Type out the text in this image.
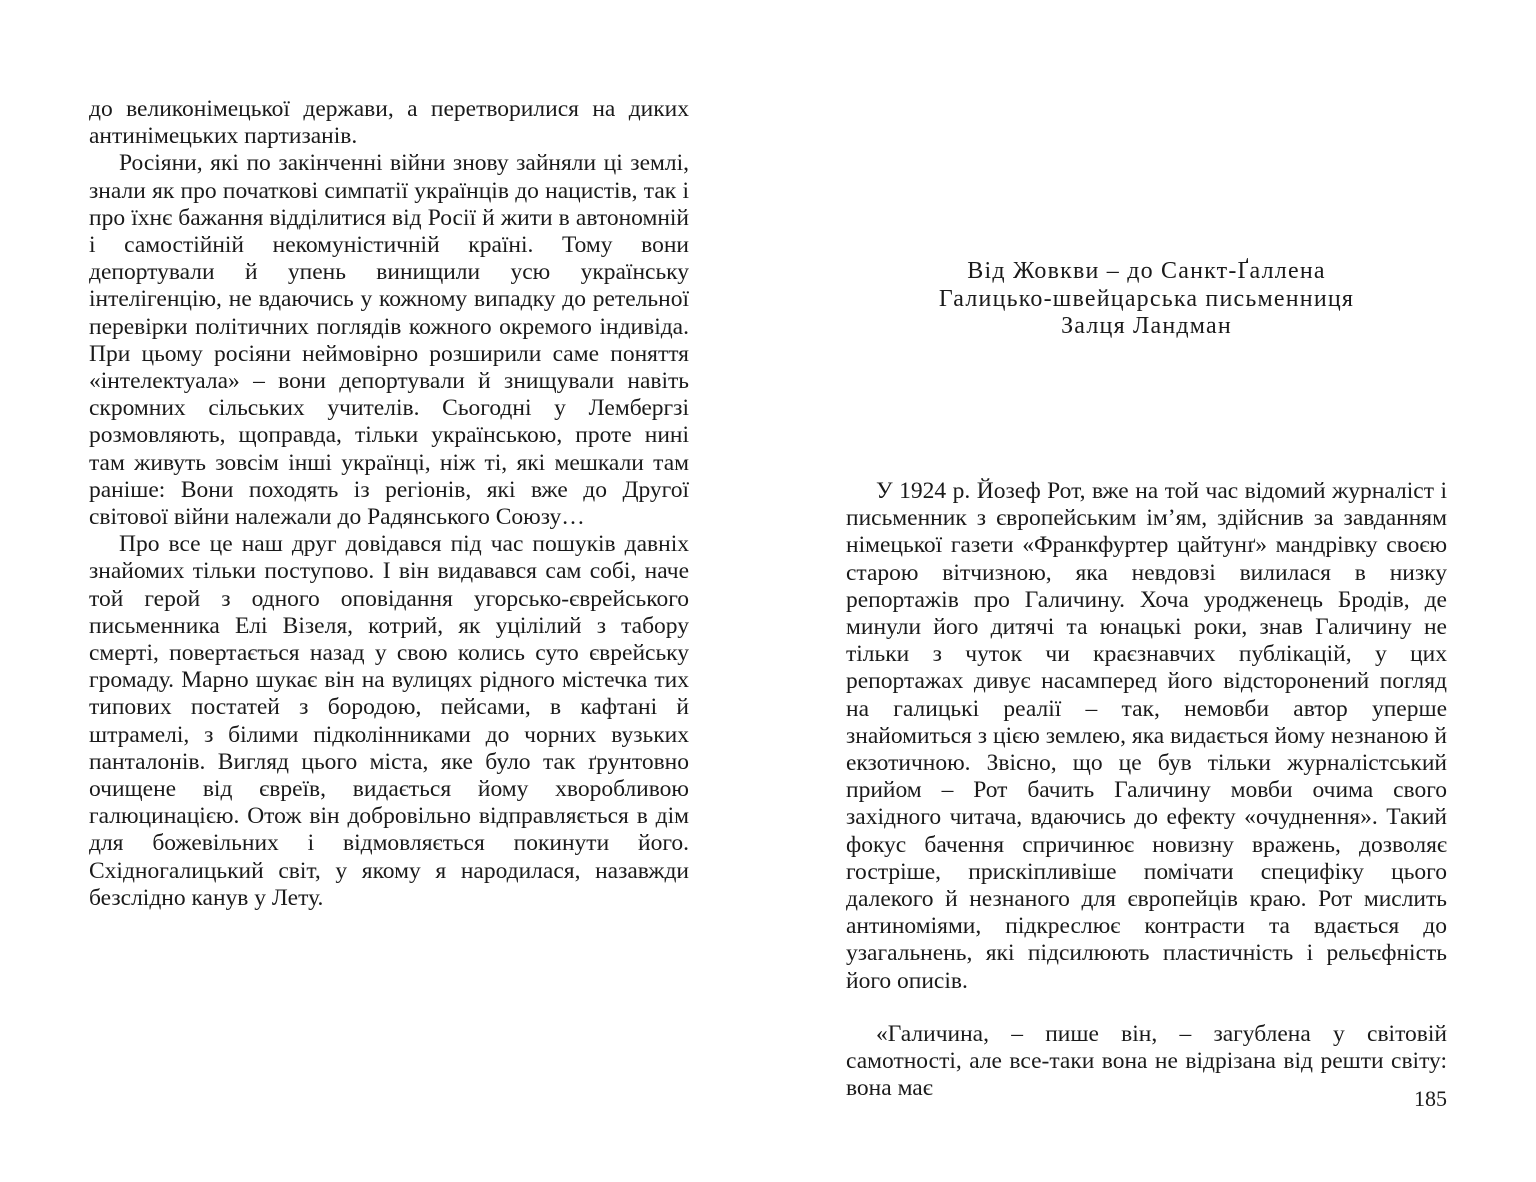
до великонімецької держави, а перетворилися на диких антинімецьких партизанів.

Росіяни, які по закінченні війни знову зайняли ці землі, знали як про початкові симпатії українців до нацистів, так і про їхнє бажання відділитися від Росії й жити в автономній і самостійній некомуністичній країні. Тому вони депортували й упень винищили усю українську інтелігенцію, не вдаючись у кожному випадку до ретельної перевірки політичних поглядів кожного окремого індивіда. При цьому росіяни неймовірно розширили саме поняття «інтелектуала» – вони депортували й знищували навіть скромних сільських учителів. Сьогодні у Лембергзі розмовляють, щоправда, тільки українською, проте нині там живуть зовсім інші українці, ніж ті, які мешкали там раніше: Вони походять із регіонів, які вже до Другої світової війни належали до Радянського Союзу…

Про все це наш друг довідався під час пошуків давніх знайомих тільки поступово. І він видавався сам собі, наче той герой з одного оповідання угорсько-єврейського письменника Елі Візеля, котрий, як уцілілий з табору смерті, повертається назад у свою колись суто єврейську громаду. Марно шукає він на вулицях рідного містечка тих типових постатей з бородою, пейсами, в кафтані й штрамелі, з білими підколінниками до чорних вузьких панталонів. Вигляд цього міста, яке було так ґрунтовно очищене від євреїв, видається йому хворобливою галюцинацією. Отож він добровільно відправляється в дім для божевільних і відмовляється покинути його. Східногалицький світ, у якому я народилася, назавжди безслідно канув у Лету.

Від Жовкви – до Санкт-Ґаллена
Галицько-швейцарська письменниця
Залця Ландман

У 1924 р. Йозеф Рот, вже на той час відомий журналіст і письменник з європейським ім’ям, здійснив за завданням німецької газети «Франкфуртер цайтунґ» мандрівку своєю старою вітчизною, яка невдовзі вилилася в низку репортажів про Галичину. Хоча уродженець Бродів, де минули його дитячі та юнацькі роки, знав Галичину не тільки з чуток чи краєзнавчих публікацій, у цих репортажах дивує насамперед його відсторонений погляд на галицькі реалії – так, немовби автор уперше знайомиться з цією землею, яка видається йому незнаною й екзотичною. Звісно, що це був тільки журналістський прийом – Рот бачить Галичину мовби очима свого західного читача, вдаючись до ефекту «очуднення». Такий фокус бачення спричинює новизну вражень, дозволяє гостріше, прискіпливіше помічати специфіку цього далекого й незнаного для європейців краю. Рот мислить антиноміями, підкреслює контрасти та вдається до узагальнень, які підсилюють пластичність і рельєфність його описів.

«Галичина, – пише він, – загублена у світовій самотності, але все-таки вона не відрізана від решти світу: вона має	185
